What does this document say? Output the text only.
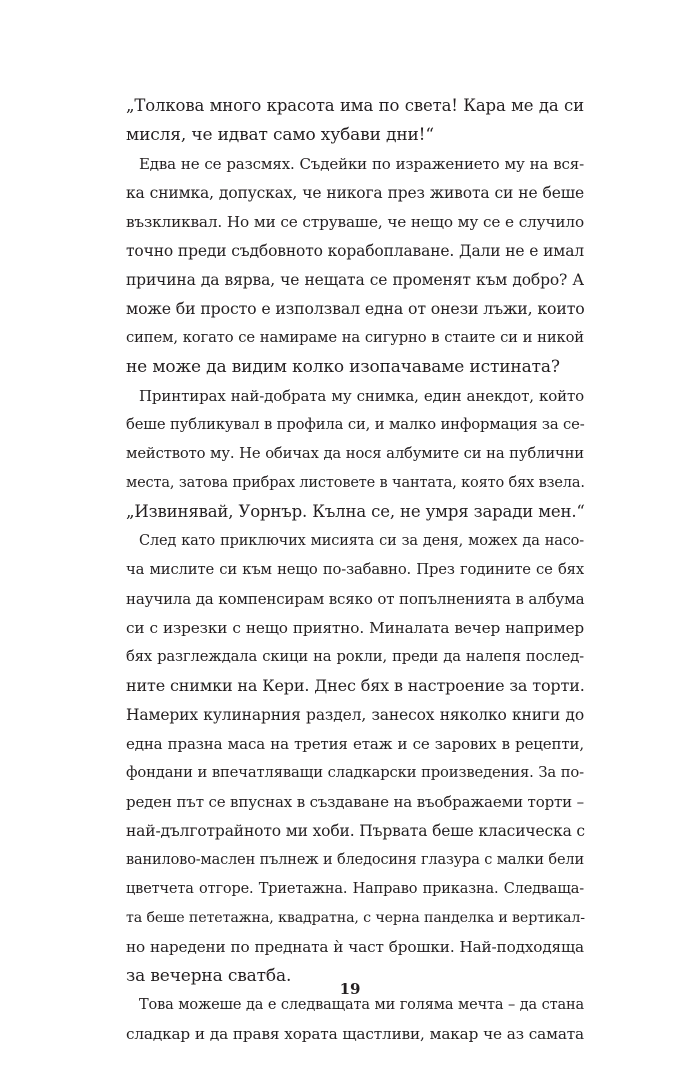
„Толкова много красота има по света! Кара ме да си
мисля, че идват само хубави дни!“
Едва не се разсмях. Съдейки по изражението му на вся-
ка снимка, допусках, че никога през живота си не беше
възкликвал. Но ми се струваше, че нещо му се е случило
точно преди съдбовното корабоплаване. Дали не е имал
причина да вярва, че нещата се променят към добро? А
може би просто е използвал една от онези лъжи, които
сипем, когато се намираме на сигурно в стаите си и никой
не може да видим колко изопачаваме истината?
Принтирах най-добрата му снимка, един анекдот, който
беше публикувал в профила си, и малко информация за се-
мейството му. Не обичах да нося албумите си на публични
места, затова прибрах листовете в чантата, която бях взела.
„Извинявай, Уорнър. Кълна се, не умря заради мен.“
След като приключих мисията си за деня, можех да насо-
ча мислите си към нещо по-забавно. През годините се бях
научила да компенсирам всяко от попълненията в албума
си с изрезки с нещо приятно. Миналата вечер например
бях разглеждала скици на рокли, преди да налепя послед-
ните снимки на Кери. Днес бях в настроение за торти.
Намерих кулинарния раздел, занесох няколко книги до
една празна маса на третия етаж и се зарових в рецепти,
фондани и впечатляващи сладкарски произведения. За по-
реден път се впуснах в създаване на въображаеми торти –
най-дълготрайното ми хоби. Първата беше класическа с
ванилово-маслен пълнеж и бледосиня глазура с малки бели
цветчета отгоре. Триетажна. Направо приказна. Следваща-
та беше пететажна, квадратна, с черна панделка и вертикал-
но наредени по предната ѝ част брошки. Най-подходяща
за вечерна сватба.
Това можеше да е следващата ми голяма мечта – да стана
сладкар и да правя хората щастливи, макар че аз самата
19
